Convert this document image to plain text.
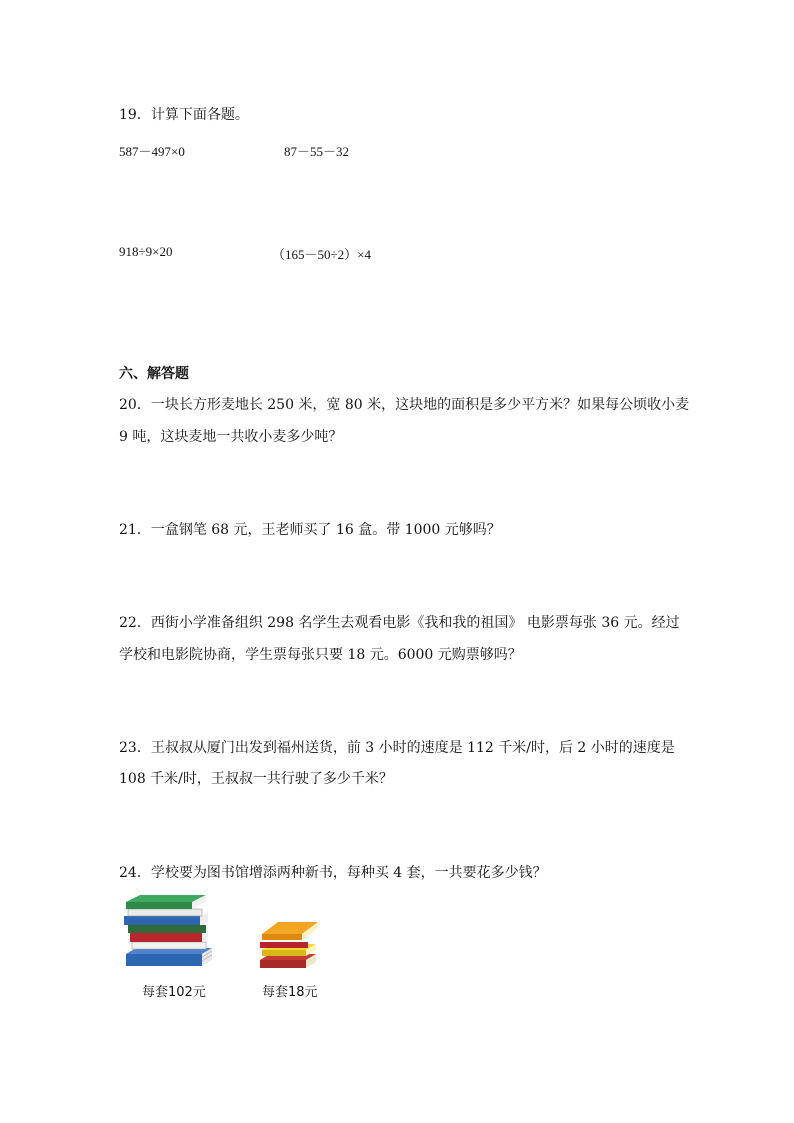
19．计算下面各题。
587－497×0	87－55－32
918÷9×20	（165－50÷2）×4
六、解答题
20．一块长方形麦地长 250 米，宽 80 米，这块地的面积是多少平方米？如果每公顷收小麦
9 吨，这块麦地一共收小麦多少吨？
21．一盒钢笔 68 元，王老师买了 16 盒。带 1000 元够吗？
22．西街小学准备组织 298 名学生去观看电影《我和我的祖国》 电影票每张 36 元。经过
学校和电影院协商，学生票每张只要 18 元。6000 元购票够吗？
23．王叔叔从厦门出发到福州送货，前 3 小时的速度是 112 千米/时，后 2 小时的速度是
108 千米/时，王叔叔一共行驶了多少千米？
24．学校要为图书馆增添两种新书，每种买 4 套，一共要花多少钱？
每套102元	每套18元
